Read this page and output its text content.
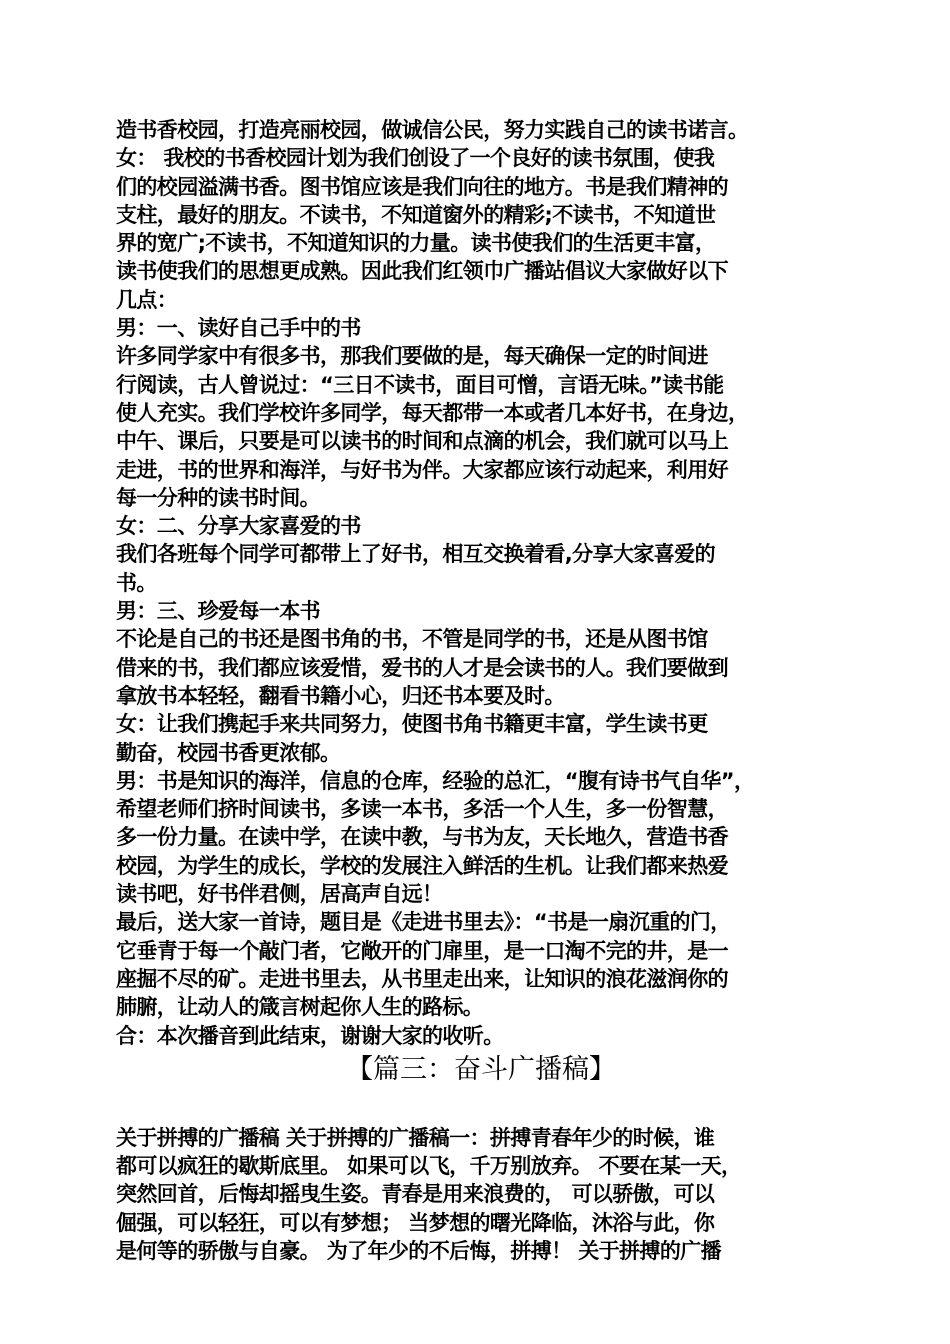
造书香校园，打造亮丽校园，做诚信公民，努力实践自己的读书诺言。
女： 我校的书香校园计划为我们创设了一个良好的读书氛围，使我
们的校园溢满书香。图书馆应该是我们向往的地方。书是我们精神的
支柱，最好的朋友。不读书，不知道窗外的精彩;不读书，不知道世
界的宽广;不读书，不知道知识的力量。读书使我们的生活更丰富，
读书使我们的思想更成熟。因此我们红领巾广播站倡议大家做好以下
几点：
男：一、读好自己手中的书
许多同学家中有很多书，那我们要做的是，每天确保一定的时间进
行阅读，古人曾说过：“三日不读书，面目可憎，言语无味。”读书能
使人充实。我们学校许多同学，每天都带一本或者几本好书，在身边，
中午、课后，只要是可以读书的时间和点滴的机会，我们就可以马上
走进，书的世界和海洋，与好书为伴。大家都应该行动起来，利用好
每一分种的读书时间。
女：二、分享大家喜爱的书
我们各班每个同学可都带上了好书，相互交换着看,分享大家喜爱的
书。
男：三、珍爱每一本书
不论是自己的书还是图书角的书，不管是同学的书，还是从图书馆
借来的书，我们都应该爱惜，爱书的人才是会读书的人。我们要做到
拿放书本轻轻，翻看书籍小心，归还书本要及时。
女：让我们携起手来共同努力，使图书角书籍更丰富，学生读书更
勤奋，校园书香更浓郁。
男：书是知识的海洋，信息的仓库，经验的总汇，“腹有诗书气自华”，
希望老师们挤时间读书，多读一本书，多活一个人生，多一份智慧，
多一份力量。在读中学，在读中教，与书为友，天长地久，营造书香
校园，为学生的成长，学校的发展注入鲜活的生机。让我们都来热爱
读书吧，好书伴君侧，居高声自远！
最后，送大家一首诗，题目是《走进书里去》：“书是一扇沉重的门，
它垂青于每一个敲门者，它敞开的门扉里，是一口淘不完的井，是一
座掘不尽的矿。走进书里去，从书里走出来，让知识的浪花滋润你的
肺腑，让动人的箴言树起你人生的路标。
合：本次播音到此结束，谢谢大家的收听。
【篇三：奋斗广播稿】
关于拼搏的广播稿 关于拼搏的广播稿一：拼搏青春年少的时候，谁
都可以疯狂的歇斯底里。 如果可以飞，千万别放弃。 不要在某一天，
突然回首，后悔却摇曳生姿。青春是用来浪费的， 可以骄傲，可以
倔强，可以轻狂，可以有梦想； 当梦想的曙光降临，沐浴与此，你
是何等的骄傲与自豪。 为了年少的不后悔，拼搏！ 关于拼搏的广播
